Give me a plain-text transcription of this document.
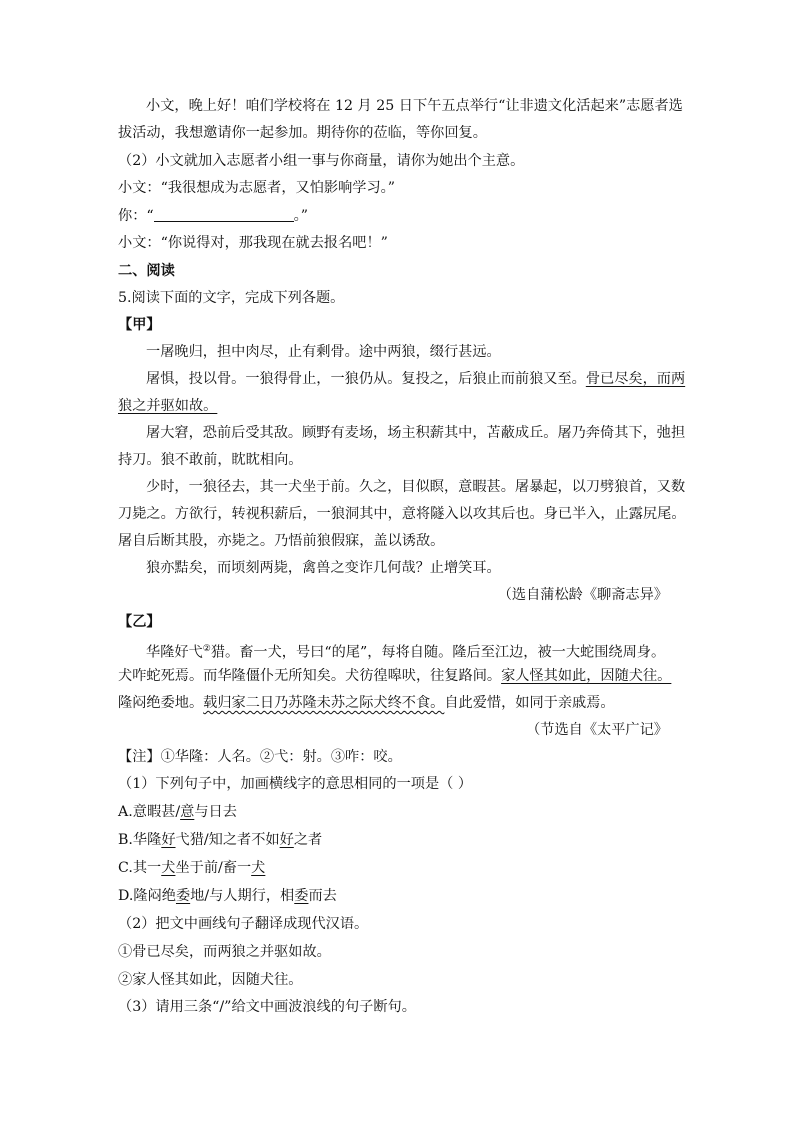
小文，晚上好！咱们学校将在 12 月 25 日下午五点举行“让非遗文化活起来”志愿者选
拔活动，我想邀请你一起参加。期待你的莅临，等你回复。
（2）小文就加入志愿者小组一事与你商量，请你为她出个主意。
小文：“我很想成为志愿者，又怕影响学习。”
你：“	。”
小文：“你说得对，那我现在就去报名吧！”
二、阅读
5.阅读下面的文字，完成下列各题。
【甲】
一屠晚归，担中肉尽，止有剩骨。途中两狼，缀行甚远。
屠惧，投以骨。一狼得骨止，一狼仍从。复投之，后狼止而前狼又至。骨已尽矣，而两
狼之并驱如故。
屠大窘，恐前后受其敌。顾野有麦场，场主积薪其中，苫蔽成丘。屠乃奔倚其下，弛担
持刀。狼不敢前，眈眈相向。
少时，一狼径去，其一犬坐于前。久之，目似瞑，意暇甚。屠暴起，以刀劈狼首，又数
刀毙之。方欲行，转视积薪后，一狼洞其中，意将隧入以攻其后也。身已半入，止露尻尾。
屠自后断其股，亦毙之。乃悟前狼假寐，盖以诱敌。
狼亦黠矣，而顷刻两毙，禽兽之变诈几何哉？止增笑耳。
（选自蒲松龄《聊斋志异》
【乙】
华隆好弋②猎。畜一犬，号曰“的尾”，每将自随。隆后至江边，被一大蛇围绕周身。
犬咋蛇死焉。而华隆僵仆无所知矣。犬彷徨嗥吠，往复路间。家人怪其如此，因随犬往。
隆闷绝委地。载归家二日乃苏隆未苏之际犬终不食。自此爱惜，如同于亲戚焉。
（节选自《太平广记》
【注】①华隆：人名。②弋：射。③咋：咬。
（1）下列句子中，加画横线字的意思相同的一项是（ ）
A.意暇甚/意与日去
B.华隆好弋猎/知之者不如好之者
C.其一犬坐于前/畜一犬
D.隆闷绝委地/与人期行，相委而去
（2）把文中画线句子翻译成现代汉语。
①骨已尽矣，而两狼之并驱如故。
②家人怪其如此，因随犬往。
（3）请用三条“/”给文中画波浪线的句子断句。
